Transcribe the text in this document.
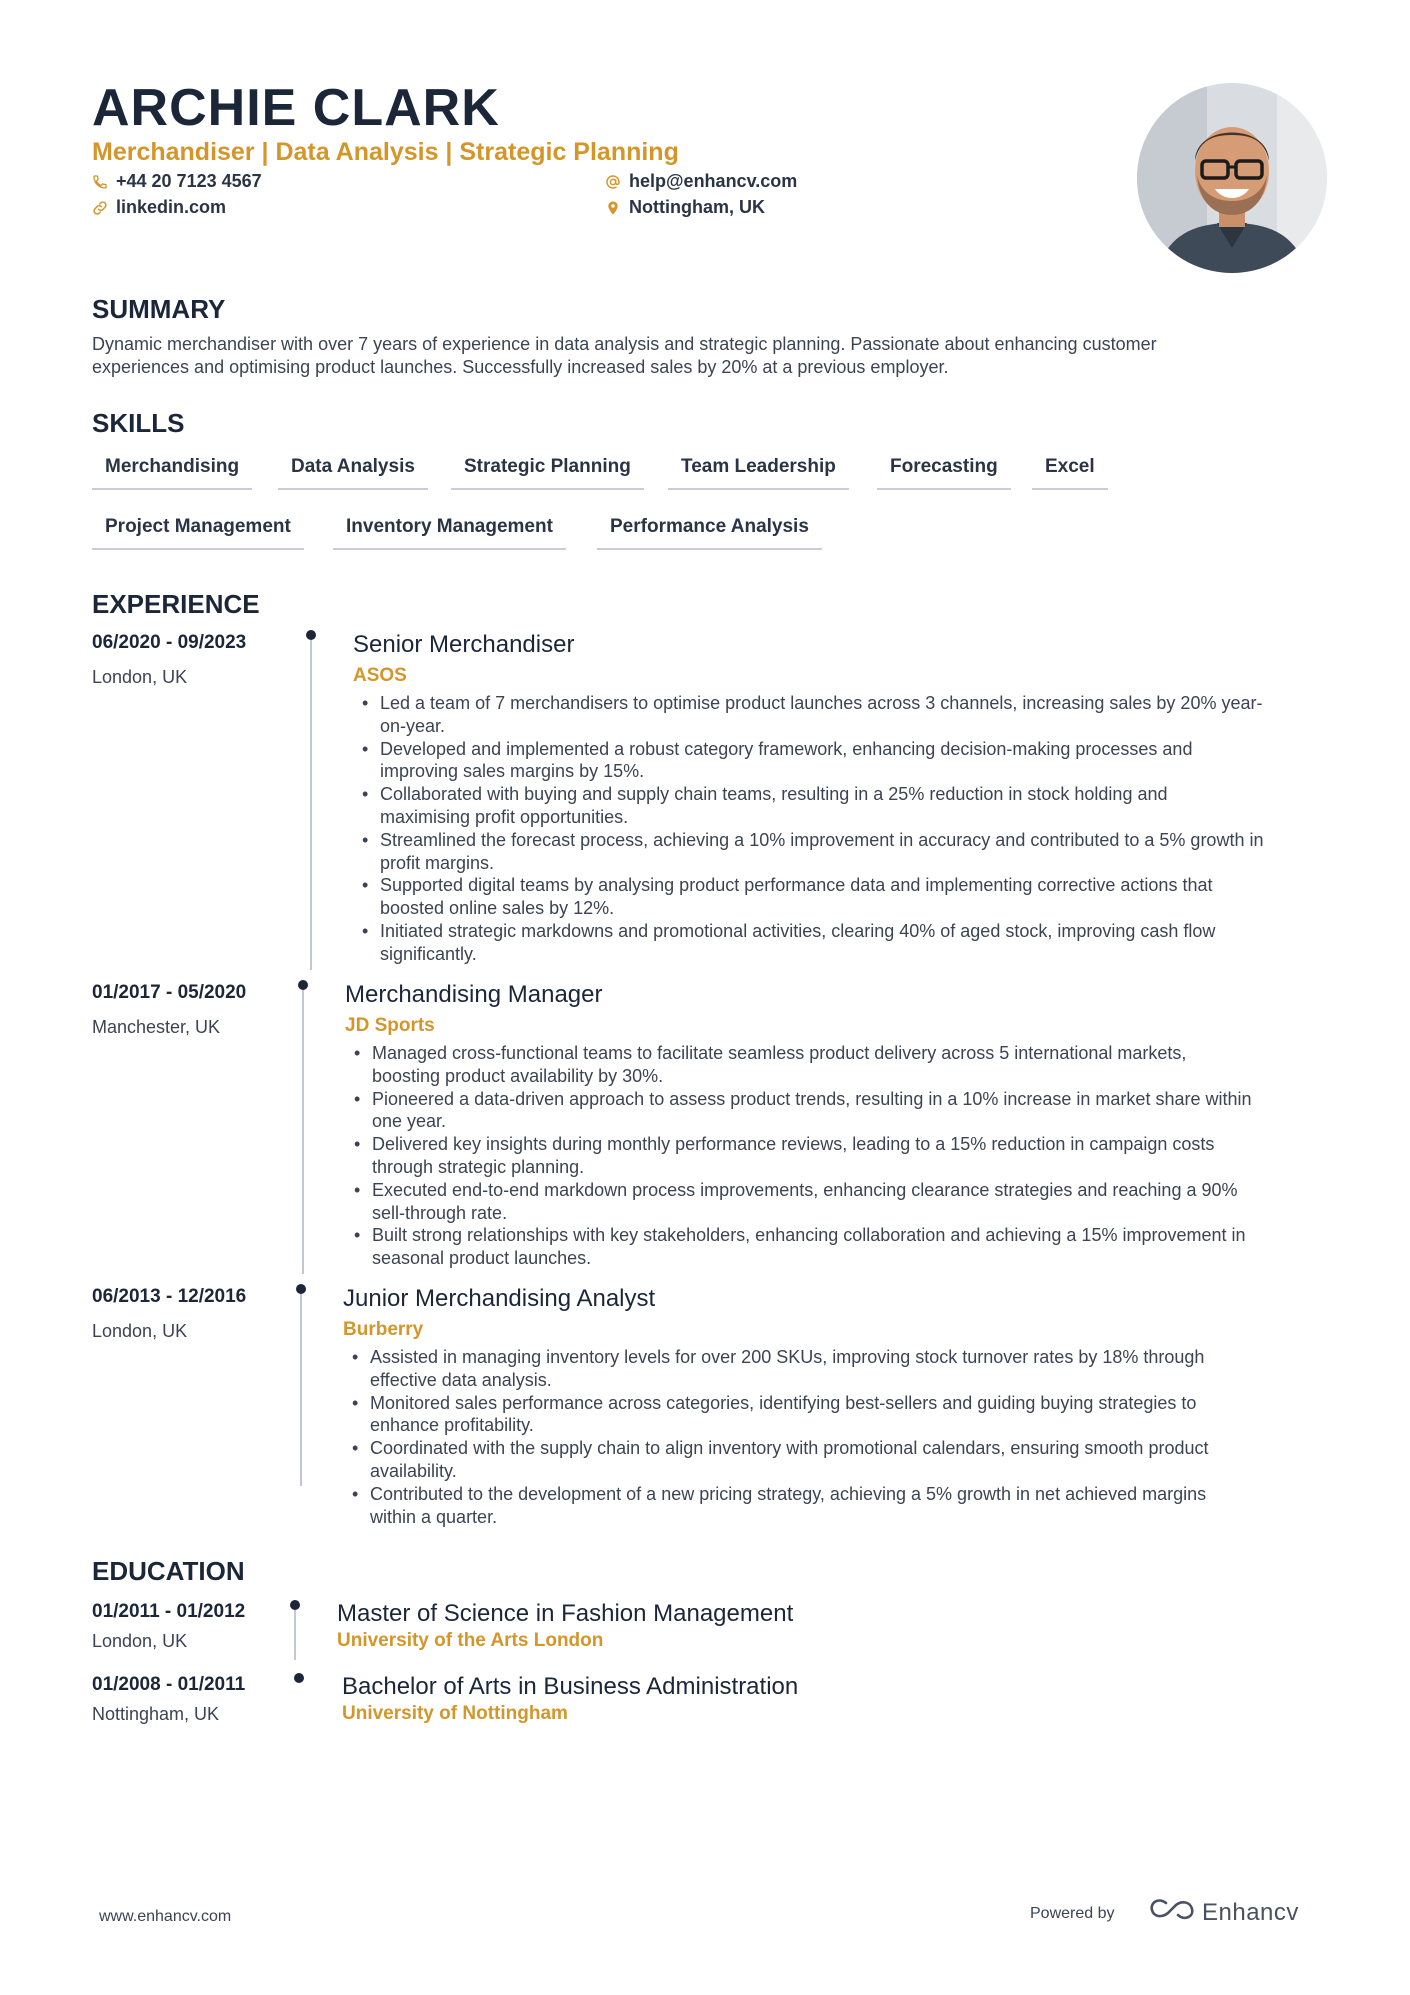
ARCHIE CLARK
Merchandiser | Data Analysis | Strategic Planning
+44 20 7123 4567	help@enhancv.com
linkedin.com	Nottingham, UK
SUMMARY

Dynamic merchandiser with over 7 years of experience in data analysis and strategic planning. Passionate about enhancing customer

experiences and optimising product launches. Successfully increased sales by 20% at a previous employer.

SKILLS
Merchandising	Data Analysis	Strategic Planning	Team Leadership	Forecasting	Excel
Project Management	Inventory Management	Performance Analysis
EXPERIENCE
06/2020 - 09/2023
London, UK
Senior Merchandiser
ASOS
• Led a team of 7 merchandisers to optimise product launches across 3 channels, increasing sales by 20% year-
on-year.
• Developed and implemented a robust category framework, enhancing decision-making processes and
improving sales margins by 15%.
• Collaborated with buying and supply chain teams, resulting in a 25% reduction in stock holding and
maximising profit opportunities.
• Streamlined the forecast process, achieving a 10% improvement in accuracy and contributed to a 5% growth in
profit margins.
• Supported digital teams by analysing product performance data and implementing corrective actions that
boosted online sales by 12%.
• Initiated strategic markdowns and promotional activities, clearing 40% of aged stock, improving cash flow
significantly.
01/2017 - 05/2020
Manchester, UK
Merchandising Manager
JD Sports
• Managed cross-functional teams to facilitate seamless product delivery across 5 international markets,
boosting product availability by 30%.
• Pioneered a data-driven approach to assess product trends, resulting in a 10% increase in market share within
one year.
• Delivered key insights during monthly performance reviews, leading to a 15% reduction in campaign costs
through strategic planning.
• Executed end-to-end markdown process improvements, enhancing clearance strategies and reaching a 90%
sell-through rate.
• Built strong relationships with key stakeholders, enhancing collaboration and achieving a 15% improvement in
seasonal product launches.
06/2013 - 12/2016
London, UK
Junior Merchandising Analyst
Burberry
• Assisted in managing inventory levels for over 200 SKUs, improving stock turnover rates by 18% through
effective data analysis.
• Monitored sales performance across categories, identifying best-sellers and guiding buying strategies to
enhance profitability.
• Coordinated with the supply chain to align inventory with promotional calendars, ensuring smooth product
availability.
• Contributed to the development of a new pricing strategy, achieving a 5% growth in net achieved margins
within a quarter.
EDUCATION
01/2011 - 01/2012
London, UK
Master of Science in Fashion Management
University of the Arts London
01/2008 - 01/2011
Nottingham, UK
Bachelor of Arts in Business Administration
University of Nottingham
www.enhancv.com	Powered by	Enhancv
